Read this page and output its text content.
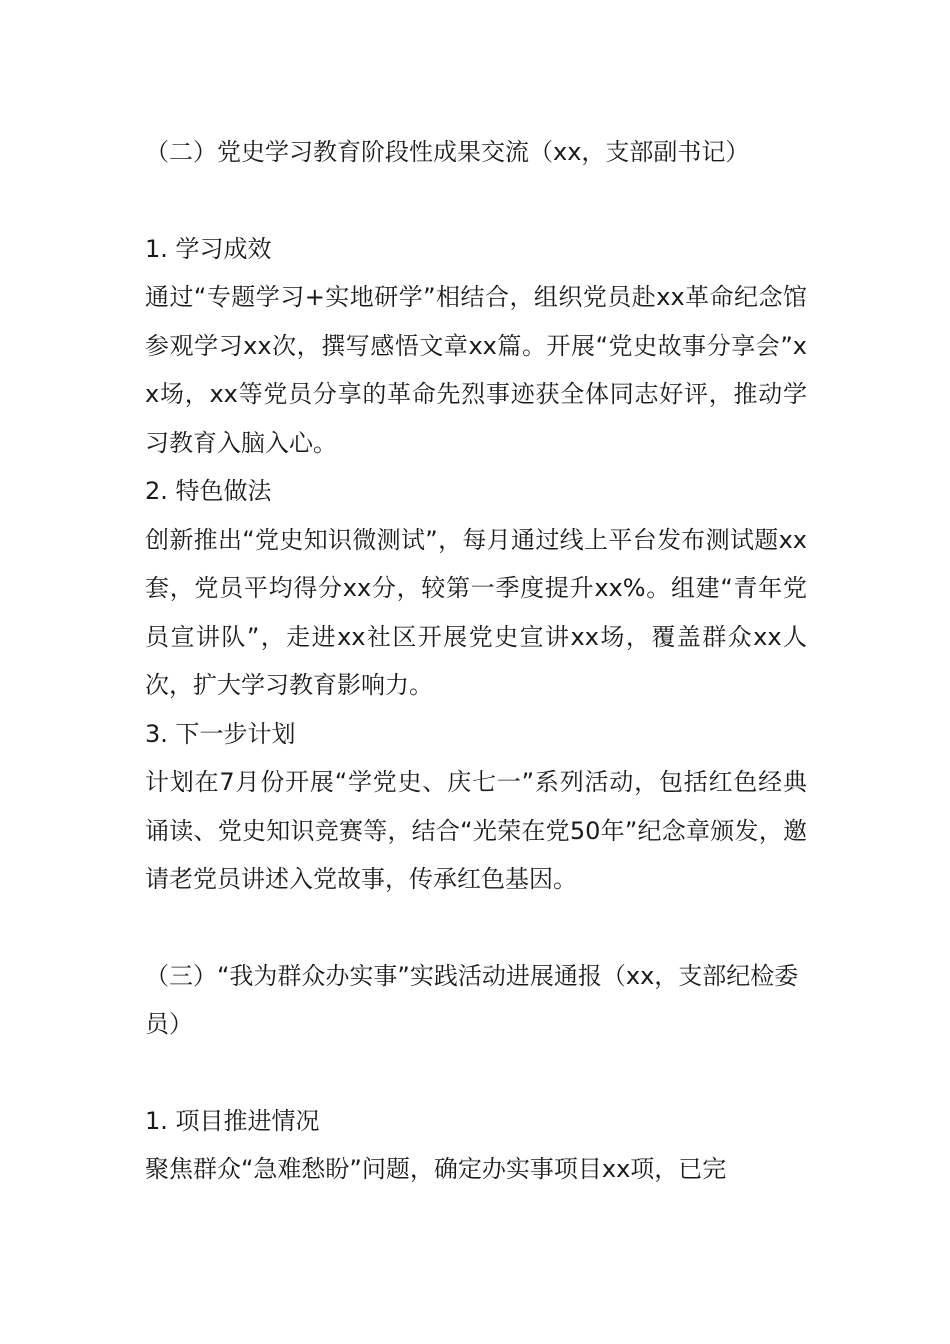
（二）党史学习教育阶段性成果交流（xx，支部副书记）

1. 学习成效

通过“专题学习+实地研学”相结合，组织党员赴xx革命纪念馆参观学习xx次，撰写感悟文章xx篇。开展“党史故事分享会”xx场，xx等党员分享的革命先烈事迹获全体同志好评，推动学习教育入脑入心。

2. 特色做法

创新推出“党史知识微测试”，每月通过线上平台发布测试题xx套，党员平均得分xx分，较第一季度提升xx%。组建“青年党员宣讲队”，走进xx社区开展党史宣讲xx场，覆盖群众xx人次，扩大学习教育影响力。

3. 下一步计划

计划在7月份开展“学党史、庆七一”系列活动，包括红色经典诵读、党史知识竞赛等，结合“光荣在党50年”纪念章颁发，邀请老党员讲述入党故事，传承红色基因。

（三）“我为群众办实事”实践活动进展通报（xx，支部纪检委员）

1. 项目推进情况

聚焦群众“急难愁盼”问题，确定办实事项目xx项，已完
